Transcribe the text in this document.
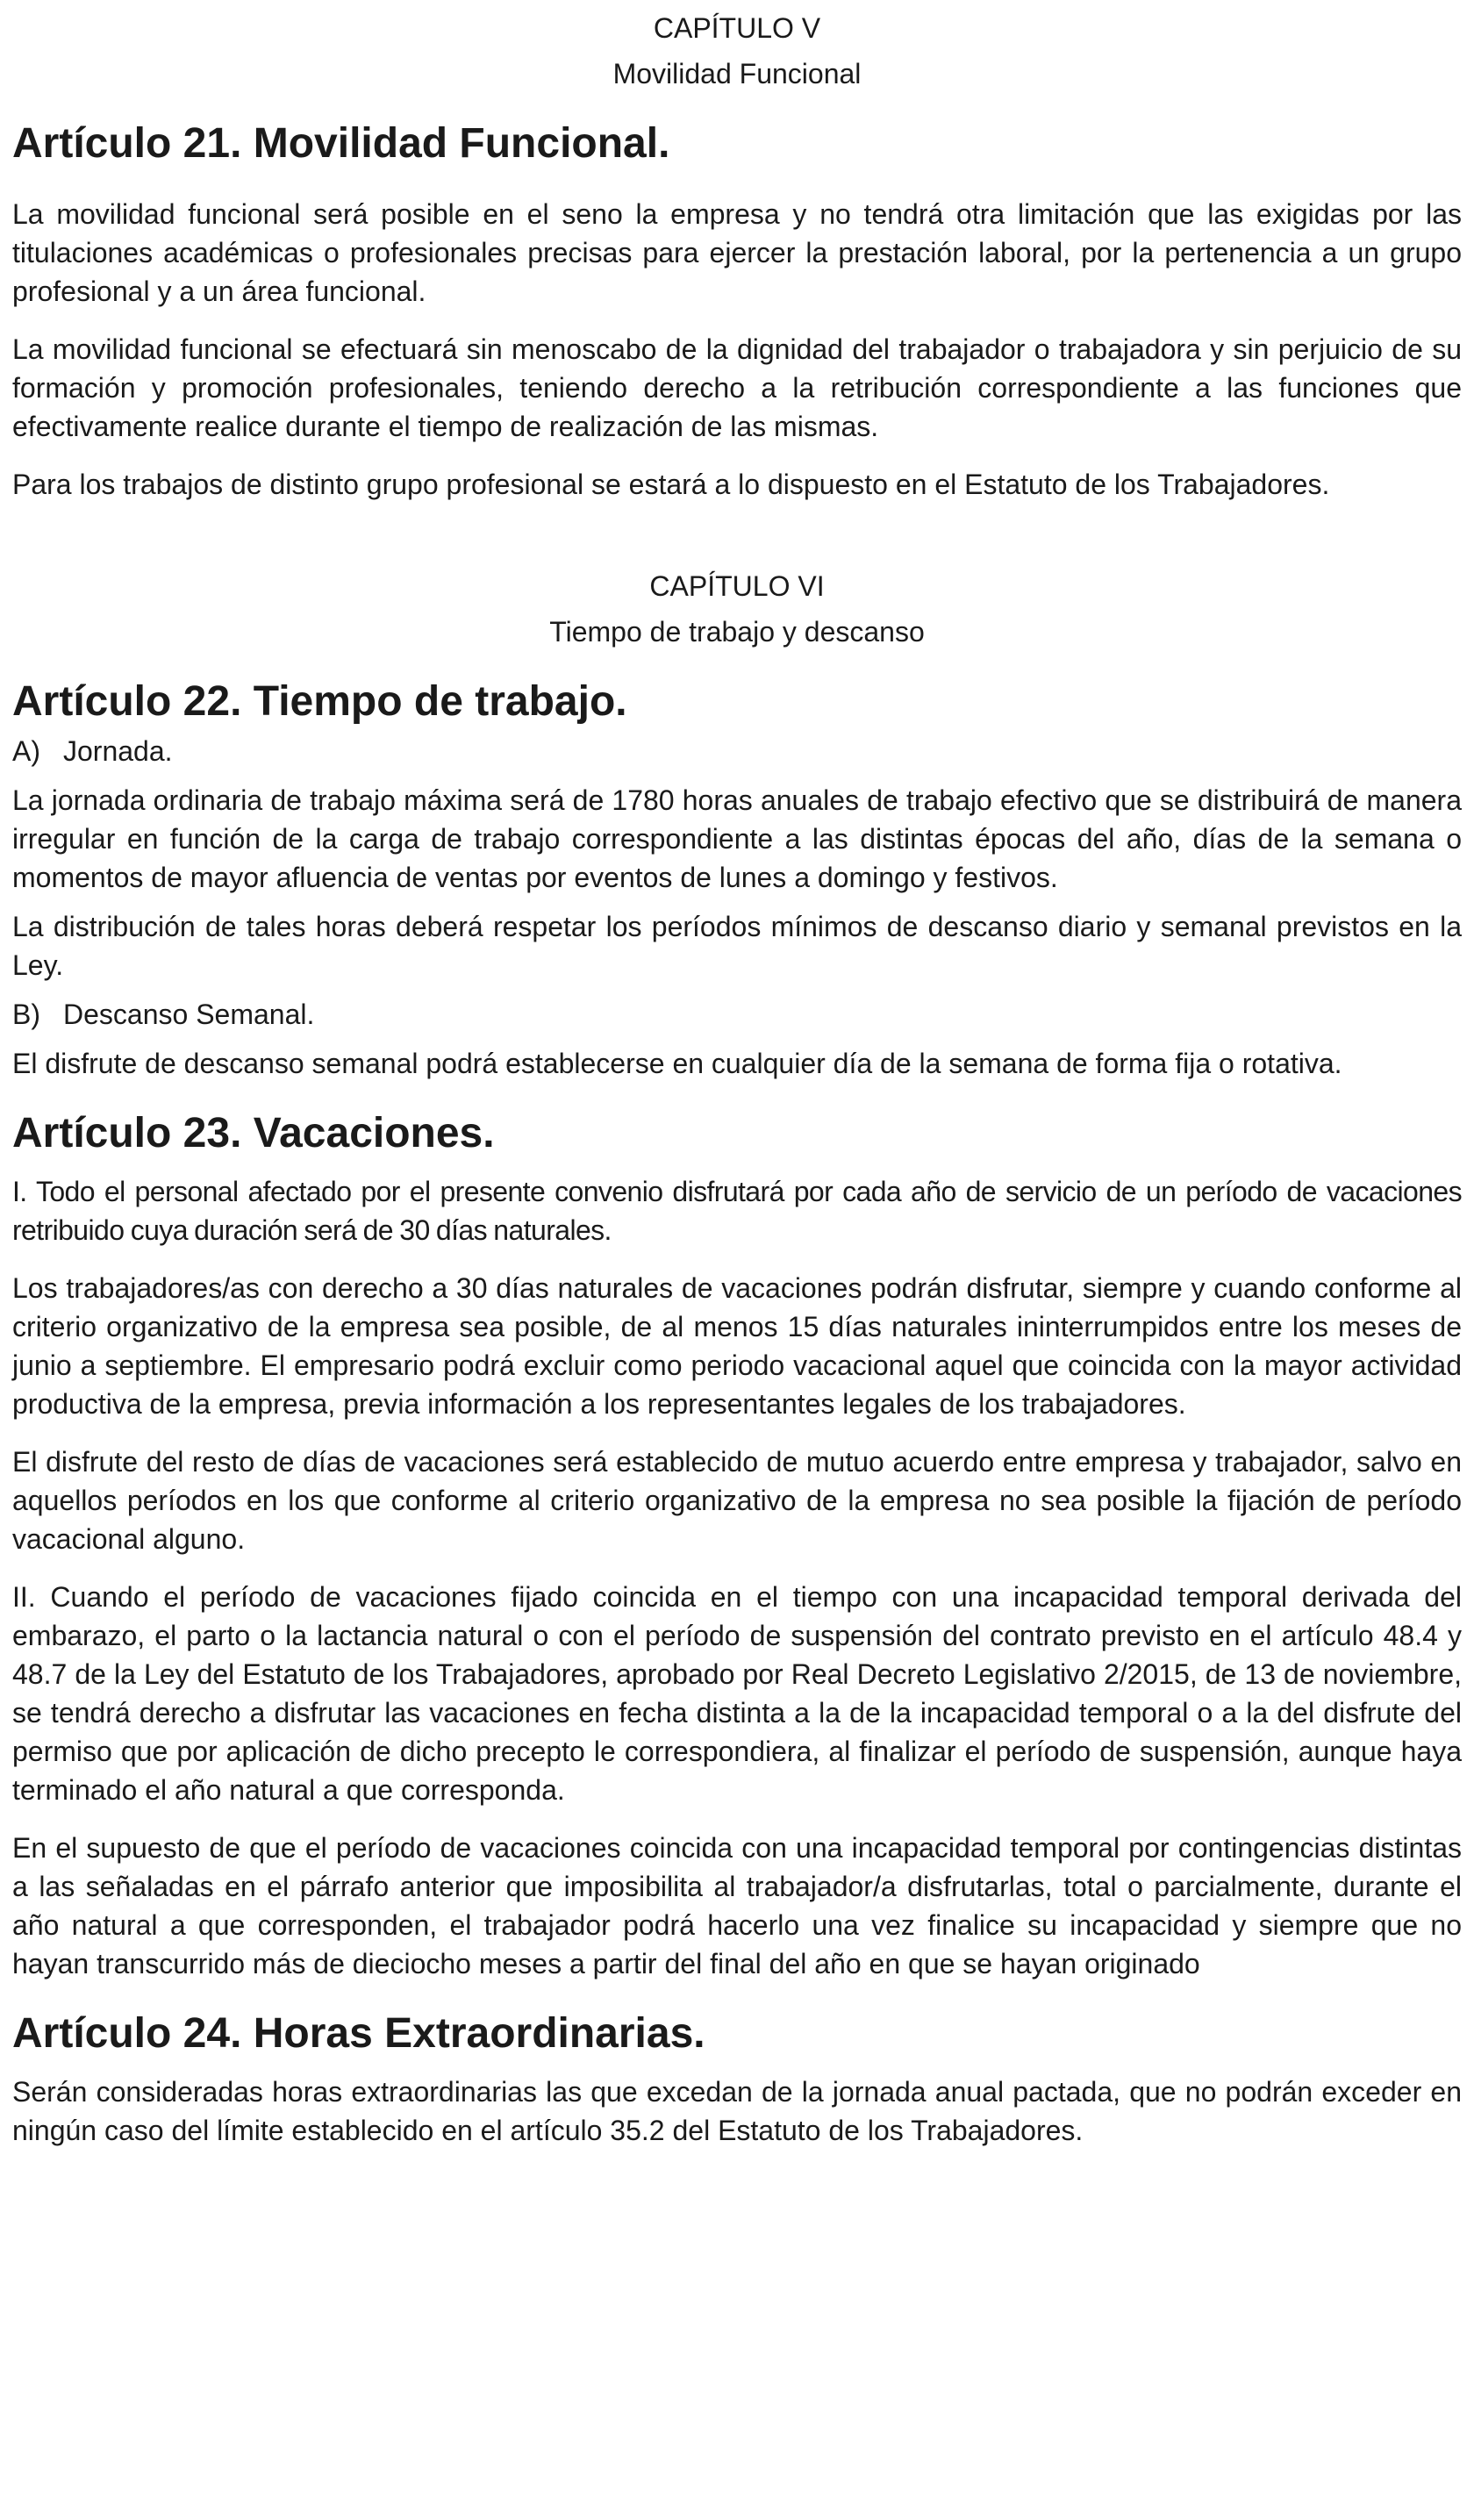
CAPÍTULO V

Movilidad Funcional

Artículo 21. Movilidad Funcional.

La movilidad funcional será posible en el seno la empresa y no tendrá otra limitación que las exigidas por las titulaciones académicas o profesionales precisas para ejercer la prestación laboral, por la pertenencia a un grupo profesional y a un área funcional.

La movilidad funcional se efectuará sin menoscabo de la dignidad del trabajador o trabajadora y sin perjuicio de su formación y promoción profesionales, teniendo derecho a la retribución correspondiente a las funciones que efectivamente realice durante el tiempo de realización de las mismas.

Para los trabajos de distinto grupo profesional se estará a lo dispuesto en el Estatuto de los Trabajadores.

CAPÍTULO VI

Tiempo de trabajo y descanso

Artículo 22. Tiempo de trabajo.

A) Jornada.

La jornada ordinaria de trabajo máxima será de 1780 horas anuales de trabajo efectivo que se distribuirá de manera irregular en función de la carga de trabajo correspondiente a las distintas épocas del año, días de la semana o momentos de mayor afluencia de ventas por eventos de lunes a domingo y festivos.

La distribución de tales horas deberá respetar los períodos mínimos de descanso diario y semanal previstos en la Ley.

B) Descanso Semanal.

El disfrute de descanso semanal podrá establecerse en cualquier día de la semana de forma fija o rotativa.

Artículo 23. Vacaciones.

I. Todo el personal afectado por el presente convenio disfrutará por cada año de servicio de un período de vacaciones retribuido cuya duración será de 30 días naturales.

Los trabajadores/as con derecho a 30 días naturales de vacaciones podrán disfrutar, siempre y cuando conforme al criterio organizativo de la empresa sea posible, de al menos 15 días naturales ininterrumpidos entre los meses de junio a septiembre. El empresario podrá excluir como periodo vacacional aquel que coincida con la mayor actividad productiva de la empresa, previa información a los representantes legales de los trabajadores.

El disfrute del resto de días de vacaciones será establecido de mutuo acuerdo entre empresa y trabajador, salvo en aquellos períodos en los que conforme al criterio organizativo de la empresa no sea posible la fijación de período vacacional alguno.

II. Cuando el período de vacaciones fijado coincida en el tiempo con una incapacidad temporal derivada del embarazo, el parto o la lactancia natural o con el período de suspensión del contrato previsto en el artículo 48.4 y 48.7 de la Ley del Estatuto de los Trabajadores, aprobado por Real Decreto Legislativo 2/2015, de 13 de noviembre, se tendrá derecho a disfrutar las vacaciones en fecha distinta a la de la incapacidad temporal o a la del disfrute del permiso que por aplicación de dicho precepto le correspondiera, al finalizar el período de suspensión, aunque haya terminado el año natural a que corresponda.

En el supuesto de que el período de vacaciones coincida con una incapacidad temporal por contingencias distintas a las señaladas en el párrafo anterior que imposibilita al trabajador/a disfrutarlas, total o parcialmente, durante el año natural a que corresponden, el trabajador podrá hacerlo una vez finalice su incapacidad y siempre que no hayan transcurrido más de dieciocho meses a partir del final del año en que se hayan originado

Artículo 24. Horas Extraordinarias.

Serán consideradas horas extraordinarias las que excedan de la jornada anual pactada, que no podrán exceder en ningún caso del límite establecido en el artículo 35.2 del Estatuto de los Trabajadores.
